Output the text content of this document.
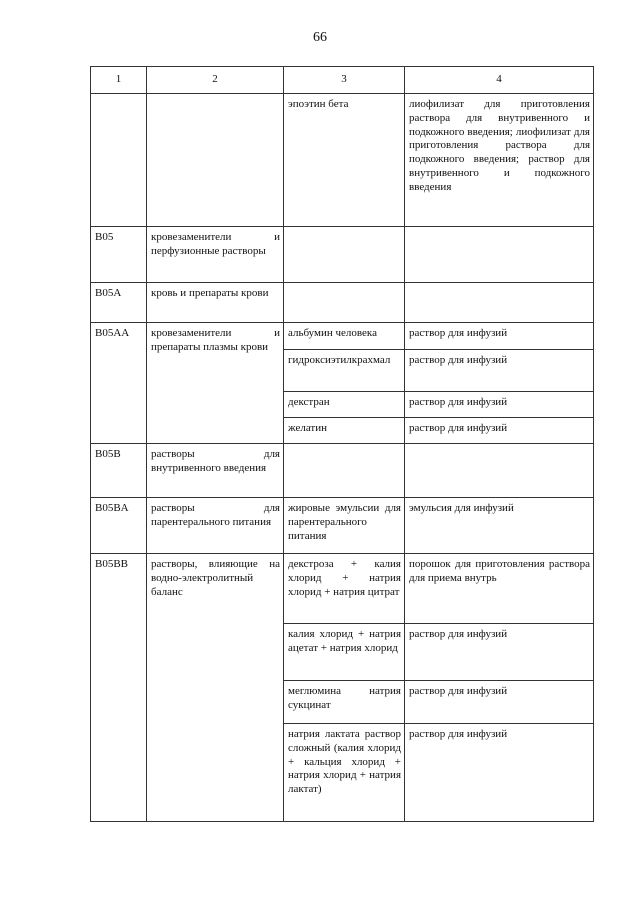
66
1	2	3	4
		эпоэтин бета	лиофилизат для приготовления раствора для внутривенного и подкожного введения; лиофилизат для приготовления раствора для подкожного введения; раствор для внутривенного и подкожного введения
B05	кровезаменители и перфузионные растворы		
B05A	кровь и препараты крови		
B05AA	кровезаменители и препараты плазмы крови	альбумин человека	раствор для инфузий
		гидроксиэтилкрахмал	раствор для инфузий
		декстран	раствор для инфузий
		желатин	раствор для инфузий
B05B	растворы для внутривенного введения		
B05BA	растворы для парентерального питания	жировые эмульсии для парентерального питания	эмульсия для инфузий
B05BB	растворы, влияющие на водно-электролитный баланс	декстроза + калия хлорид + натрия хлорид + натрия цитрат	порошок для приготовления раствора для приема внутрь
		калия хлорид + натрия ацетат + натрия хлорид	раствор для инфузий
		меглюмина натрия сукцинат	раствор для инфузий
		натрия лактата раствор сложный (калия хлорид + кальция хлорид + натрия хлорид + натрия лактат)	раствор для инфузий
